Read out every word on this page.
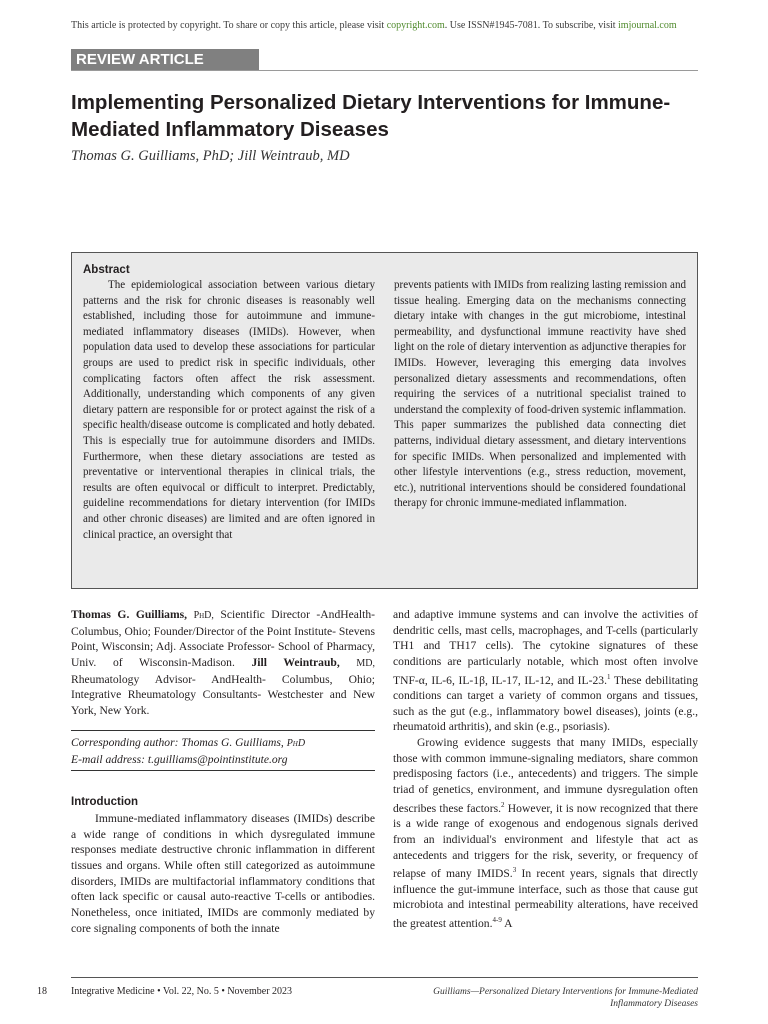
This article is protected by copyright. To share or copy this article, please visit copyright.com. Use ISSN#1945-7081. To subscribe, visit imjournal.com
REVIEW ARTICLE
Implementing Personalized Dietary Interventions for Immune-Mediated Inflammatory Diseases
Thomas G. Guilliams, PhD; Jill Weintraub, MD
Abstract

The epidemiological association between various dietary patterns and the risk for chronic diseases is reasonably well established, including those for autoimmune and immune-mediated inflammatory diseases (IMIDs). However, when population data used to develop these associations for particular groups are used to predict risk in specific individuals, other complicating factors often affect the risk assessment. Additionally, understanding which components of any given dietary pattern are responsible for or protect against the risk of a specific health/disease outcome is complicated and hotly debated. This is especially true for autoimmune disorders and IMIDs. Furthermore, when these dietary associations are tested as preventative or interventional therapies in clinical trials, the results are often equivocal or difficult to interpret. Predictably, guideline recommendations for dietary intervention (for IMIDs and other chronic diseases) are limited and are often ignored in clinical practice, an oversight that

prevents patients with IMIDs from realizing lasting remission and tissue healing. Emerging data on the mechanisms connecting dietary intake with changes in the gut microbiome, intestinal permeability, and dysfunctional immune reactivity have shed light on the role of dietary intervention as adjunctive therapies for IMIDs. However, leveraging this emerging data involves personalized dietary assessments and recommendations, often requiring the services of a nutritional specialist trained to understand the complexity of food-driven systemic inflammation. This paper summarizes the published data connecting diet patterns, individual dietary assessment, and dietary interventions for specific IMIDs. When personalized and implemented with other lifestyle interventions (e.g., stress reduction, movement, etc.), nutritional interventions should be considered foundational therapy for chronic immune-mediated inflammation.

Thomas G. Guilliams, PhD, Scientific Director -AndHealth- Columbus, Ohio; Founder/Director of the Point Institute- Stevens Point, Wisconsin; Adj. Associate Professor- School of Pharmacy, Univ. of Wisconsin-Madison. Jill Weintraub, MD, Rheumatology Advisor- AndHealth- Columbus, Ohio; Integrative Rheumatology Consultants- Westchester and New York, New York.

Corresponding author: Thomas G. Guilliams, PhD
E-mail address: t.guilliams@pointinstitute.org
Introduction

Immune-mediated inflammatory diseases (IMIDs) describe a wide range of conditions in which dysregulated immune responses mediate destructive chronic inflammation in different tissues and organs. While often still categorized as autoimmune disorders, IMIDs are multifactorial inflammatory conditions that often lack specific or causal auto-reactive T-cells or antibodies. Nonetheless, once initiated, IMIDs are commonly mediated by core signaling components of both the innate

and adaptive immune systems and can involve the activities of dendritic cells, mast cells, macrophages, and T-cells (particularly TH1 and TH17 cells). The cytokine signatures of these conditions are particularly notable, which most often involve TNF-α, IL-6, IL-1β, IL-17, IL-12, and IL-23.$^1$ These debilitating conditions can target a variety of common organs and tissues, such as the gut (e.g., inflammatory bowel diseases), joints (e.g., rheumatoid arthritis), and skin (e.g., psoriasis).

Growing evidence suggests that many IMIDs, especially those with common immune-signaling mediators, share common predisposing factors (i.e., antecedents) and triggers. The simple triad of genetics, environment, and immune dysregulation often describes these factors.$^2$ However, it is now recognized that there is a wide range of exogenous and endogenous signals derived from an individual's environment and lifestyle that act as antecedents and triggers for the risk, severity, or frequency of relapse of many IMIDS.$^3$ In recent years, signals that directly influence the gut-immune interface, such as those that cause gut microbiota and intestinal permeability alterations, have received the greatest attention.$^{4-9}$ A

18 Integrative Medicine • Vol. 22, No. 5 • November 2023	Guilliams—Personalized Dietary Interventions for Immune-Mediated Inflammatory Diseases
